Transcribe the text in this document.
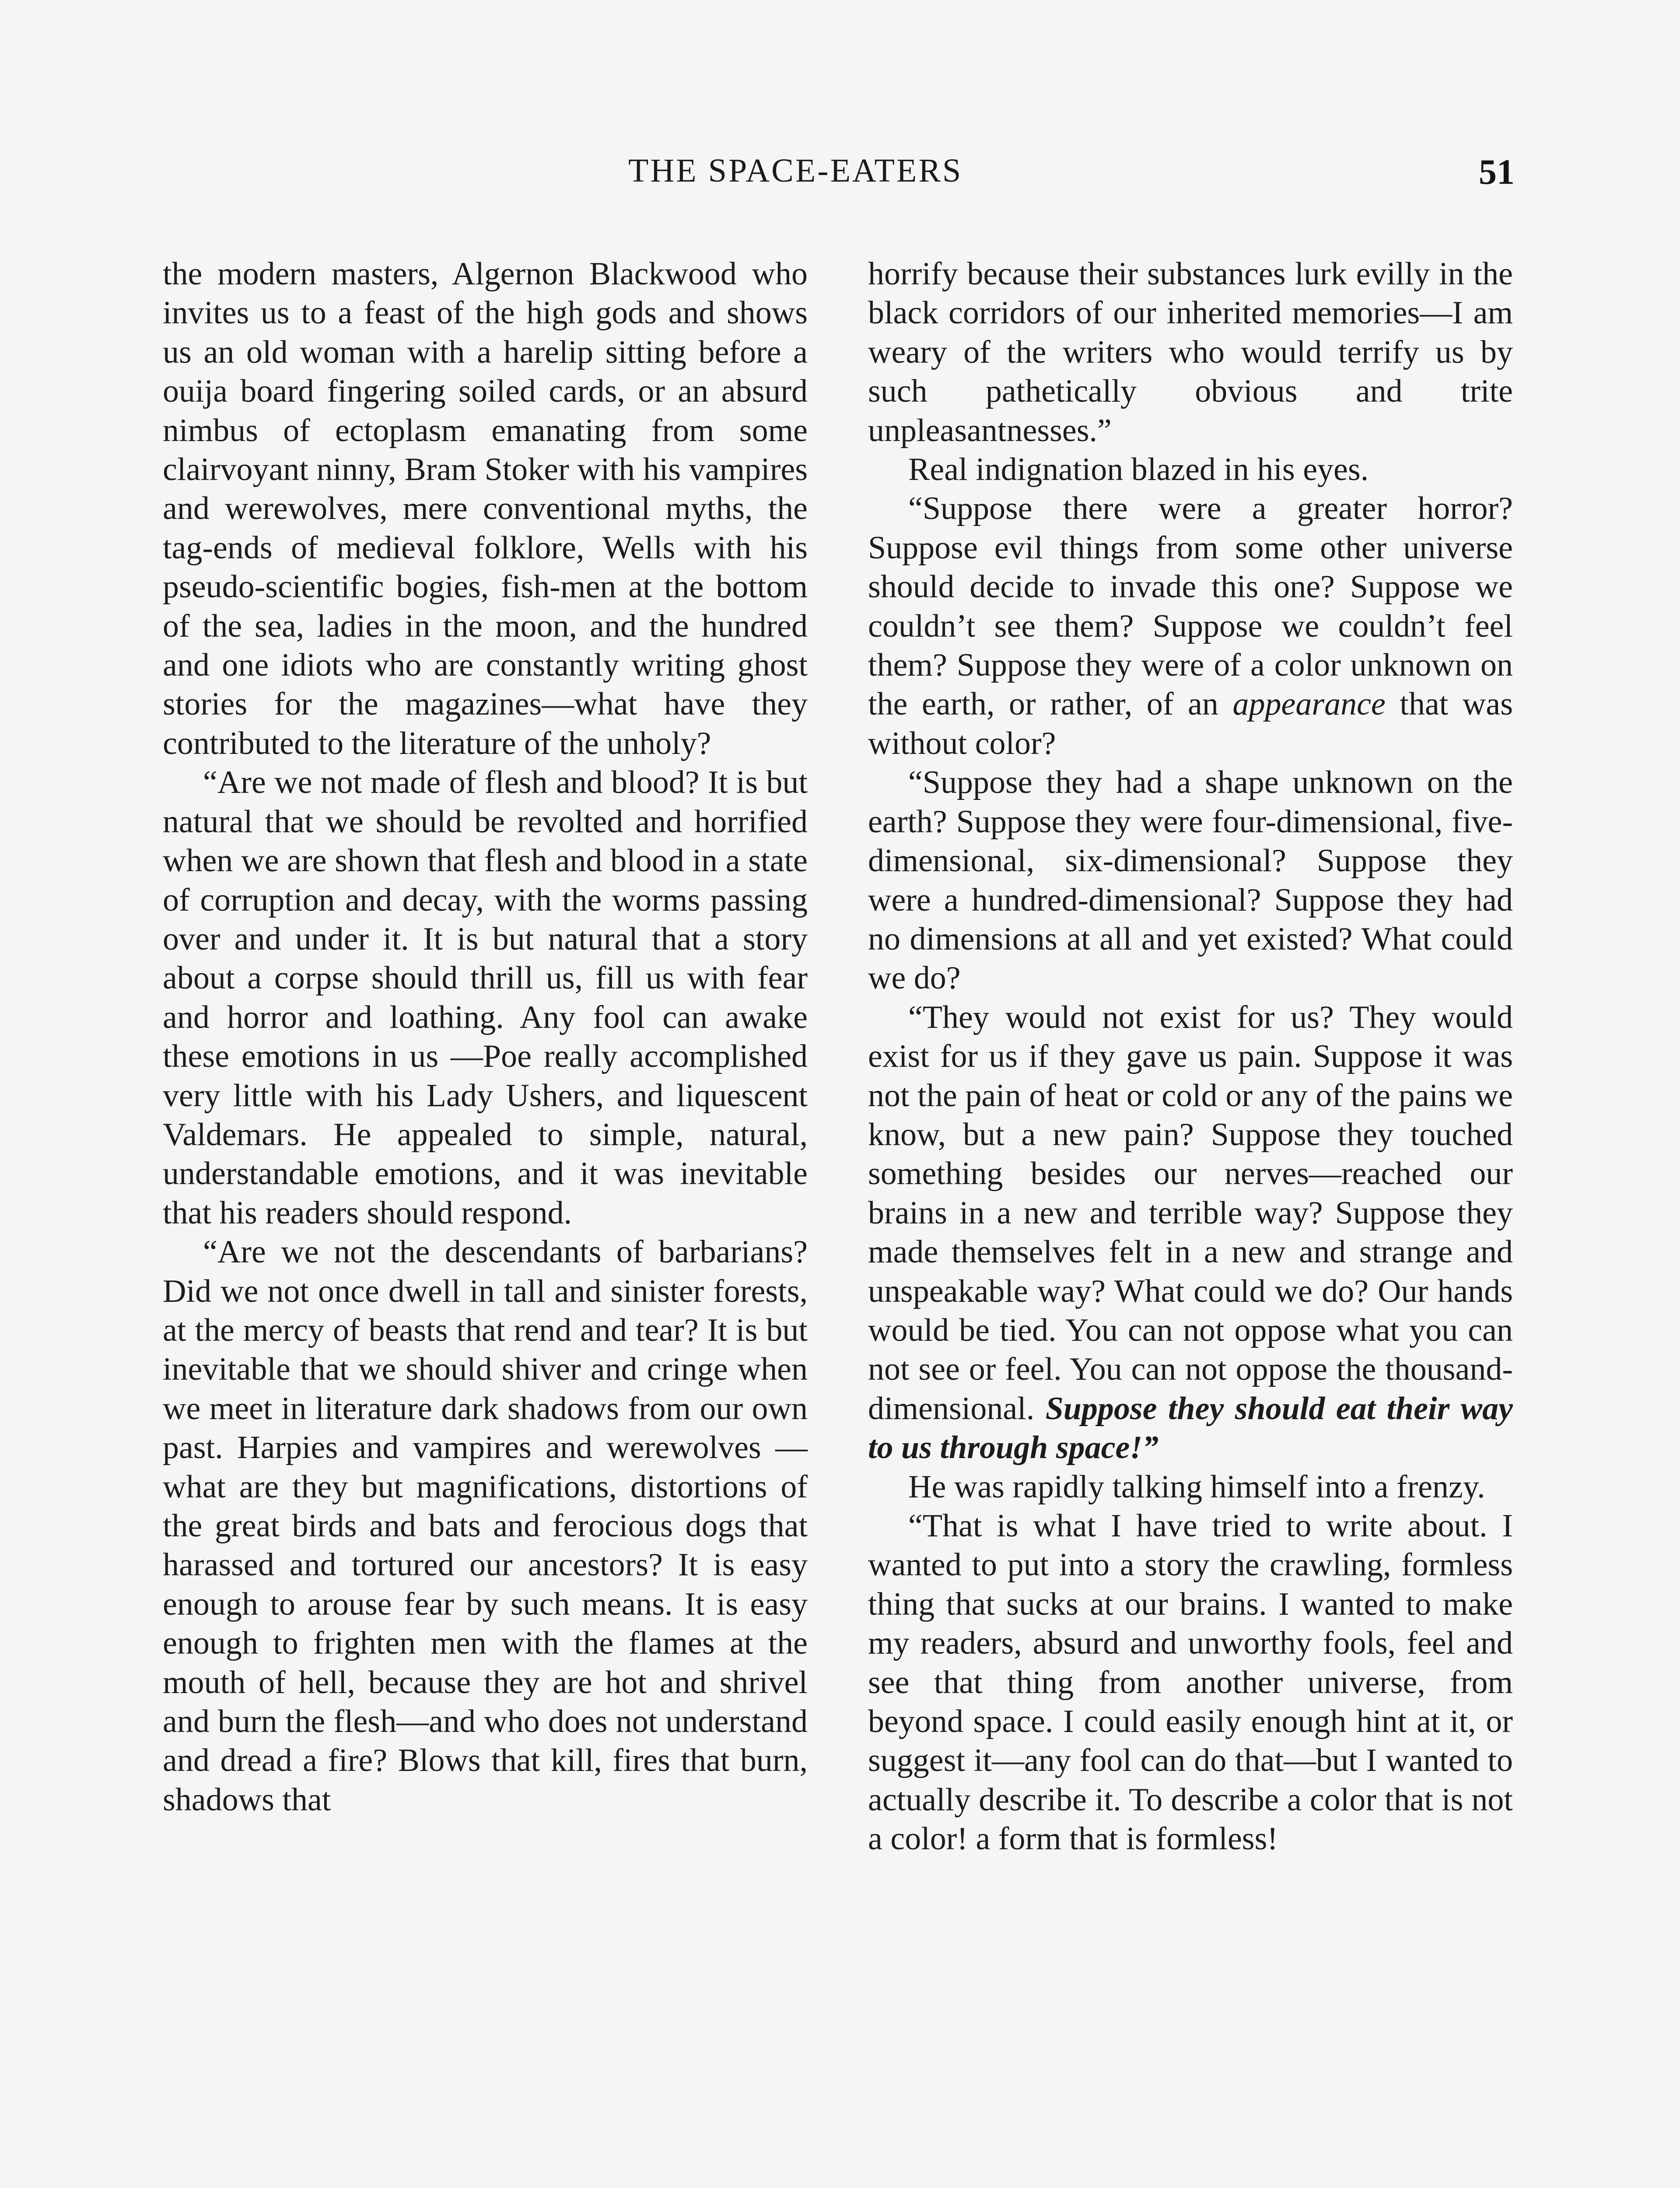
THE SPACE-EATERS	51

the modern masters, Algernon Blackwood who invites us to a feast of the high gods and shows us an old woman with a harelip sitting before a ouija board fingering soiled cards, or an absurd nimbus of ectoplasm emanating from some clairvoyant ninny, Bram Stoker with his vampires and werewolves, mere conventional myths, the tag-ends of medieval folklore, Wells with his pseudo-scientific bogies, fish-men at the bottom of the sea, ladies in the moon, and the hundred and one idiots who are constantly writing ghost stories for the magazines—what have they contributed to the literature of the unholy?

“Are we not made of flesh and blood? It is but natural that we should be revolted and horrified when we are shown that flesh and blood in a state of corruption and decay, with the worms passing over and under it. It is but natural that a story about a corpse should thrill us, fill us with fear and horror and loathing. Any fool can awake these emotions in us —Poe really accomplished very little with his Lady Ushers, and liquescent Valdemars. He appealed to simple, natural, understandable emotions, and it was inevitable that his readers should respond.

“Are we not the descendants of barbarians? Did we not once dwell in tall and sinister forests, at the mercy of beasts that rend and tear? It is but inevitable that we should shiver and cringe when we meet in literature dark shadows from our own past. Harpies and vampires and werewolves — what are they but magnifications, distortions of the great birds and bats and ferocious dogs that harassed and tortured our ancestors? It is easy enough to arouse fear by such means. It is easy enough to frighten men with the flames at the mouth of hell, because they are hot and shrivel and burn the flesh—and who does not understand and dread a fire? Blows that kill, fires that burn, shadows that

horrify because their substances lurk evilly in the black corridors of our inherited memories—I am weary of the writers who would terrify us by such pathetically obvious and trite unpleasantnesses.”

Real indignation blazed in his eyes.

“Suppose there were a greater horror? Suppose evil things from some other universe should decide to invade this one? Suppose we couldn’t see them? Suppose we couldn’t feel them? Suppose they were of a color unknown on the earth, or rather, of an appearance that was without color?

“Suppose they had a shape unknown on the earth? Suppose they were four-dimensional, five-dimensional, six-dimensional? Suppose they were a hundred-dimensional? Suppose they had no dimensions at all and yet existed? What could we do?

“They would not exist for us? They would exist for us if they gave us pain. Suppose it was not the pain of heat or cold or any of the pains we know, but a new pain? Suppose they touched something besides our nerves—reached our brains in a new and terrible way? Suppose they made themselves felt in a new and strange and unspeakable way? What could we do? Our hands would be tied. You can not oppose what you can not see or feel. You can not oppose the thousand-dimensional. Suppose they should eat their way to us through space!”

He was rapidly talking himself into a frenzy.

“That is what I have tried to write about. I wanted to put into a story the crawling, formless thing that sucks at our brains. I wanted to make my readers, absurd and unworthy fools, feel and see that thing from another universe, from beyond space. I could easily enough hint at it, or suggest it—any fool can do that—but I wanted to actually describe it. To describe a color that is not a color! a form that is formless!
